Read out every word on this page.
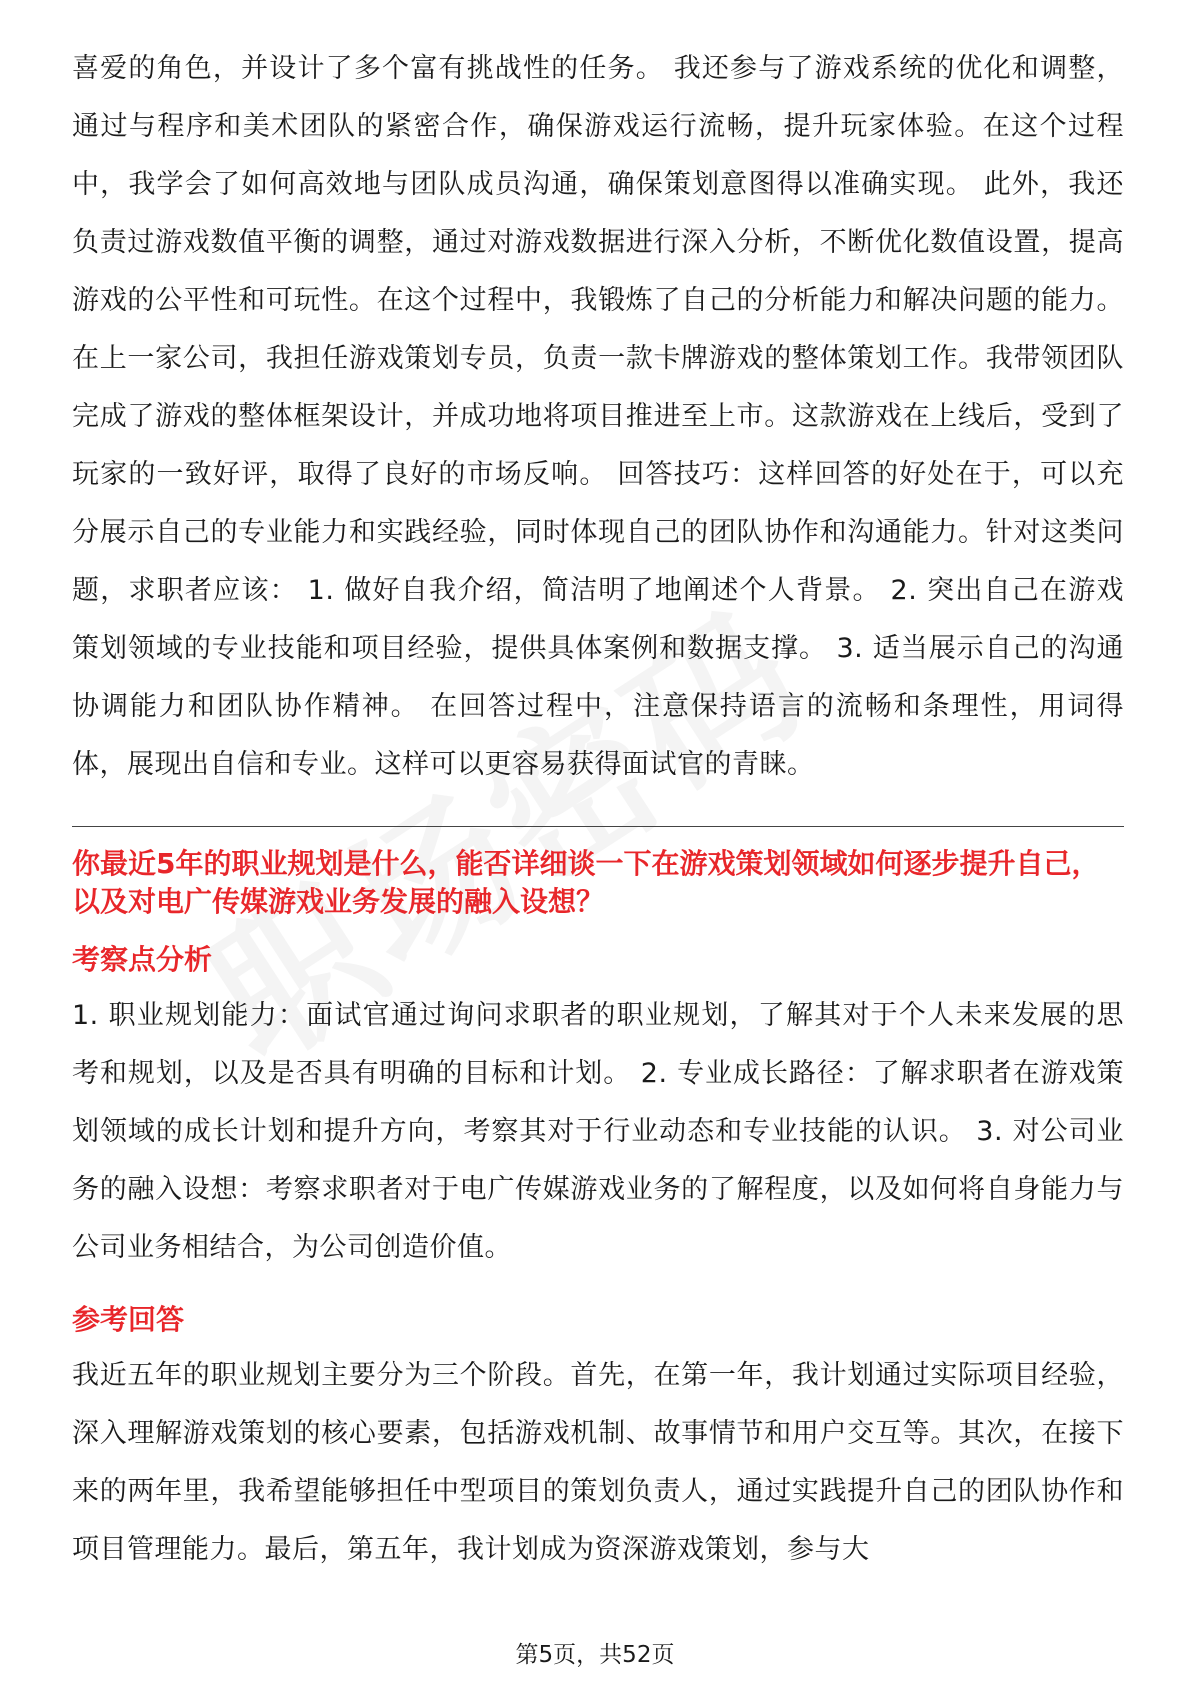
喜爱的角色，并设计了多个富有挑战性的任务。 我还参与了游戏系统的优化和调整，通过与程序和美术团队的紧密合作，确保游戏运行流畅，提升玩家体验。在这个过程中，我学会了如何高效地与团队成员沟通，确保策划意图得以准确实现。 此外，我还负责过游戏数值平衡的调整，通过对游戏数据进行深入分析，不断优化数值设置，提高游戏的公平性和可玩性。在这个过程中，我锻炼了自己的分析能力和解决问题的能力。 在上一家公司，我担任游戏策划专员，负责一款卡牌游戏的整体策划工作。我带领团队完成了游戏的整体框架设计，并成功地将项目推进至上市。这款游戏在上线后，受到了玩家的一致好评，取得了良好的市场反响。 回答技巧：这样回答的好处在于，可以充分展示自己的专业能力和实践经验，同时体现自己的团队协作和沟通能力。针对这类问题，求职者应该： 1. 做好自我介绍，简洁明了地阐述个人背景。 2. 突出自己在游戏策划领域的专业技能和项目经验，提供具体案例和数据支撑。 3. 适当展示自己的沟通协调能力和团队协作精神。 在回答过程中，注意保持语言的流畅和条理性，用词得体，展现出自信和专业。这样可以更容易获得面试官的青睐。

你最近5年的职业规划是什么，能否详细谈一下在游戏策划领域如何逐步提升自己，以及对电广传媒游戏业务发展的融入设想？

考察点分析

1. 职业规划能力：面试官通过询问求职者的职业规划，了解其对于个人未来发展的思考和规划，以及是否具有明确的目标和计划。 2. 专业成长路径：了解求职者在游戏策划领域的成长计划和提升方向，考察其对于行业动态和专业技能的认识。 3. 对公司业务的融入设想：考察求职者对于电广传媒游戏业务的了解程度，以及如何将自身能力与公司业务相结合，为公司创造价值。

参考回答

我近五年的职业规划主要分为三个阶段。首先，在第一年，我计划通过实际项目经验，深入理解游戏策划的核心要素，包括游戏机制、故事情节和用户交互等。其次，在接下来的两年里，我希望能够担任中型项目的策划负责人，通过实践提升自己的团队协作和项目管理能力。最后，第五年，我计划成为资深游戏策划，参与大

第5页，共52页
